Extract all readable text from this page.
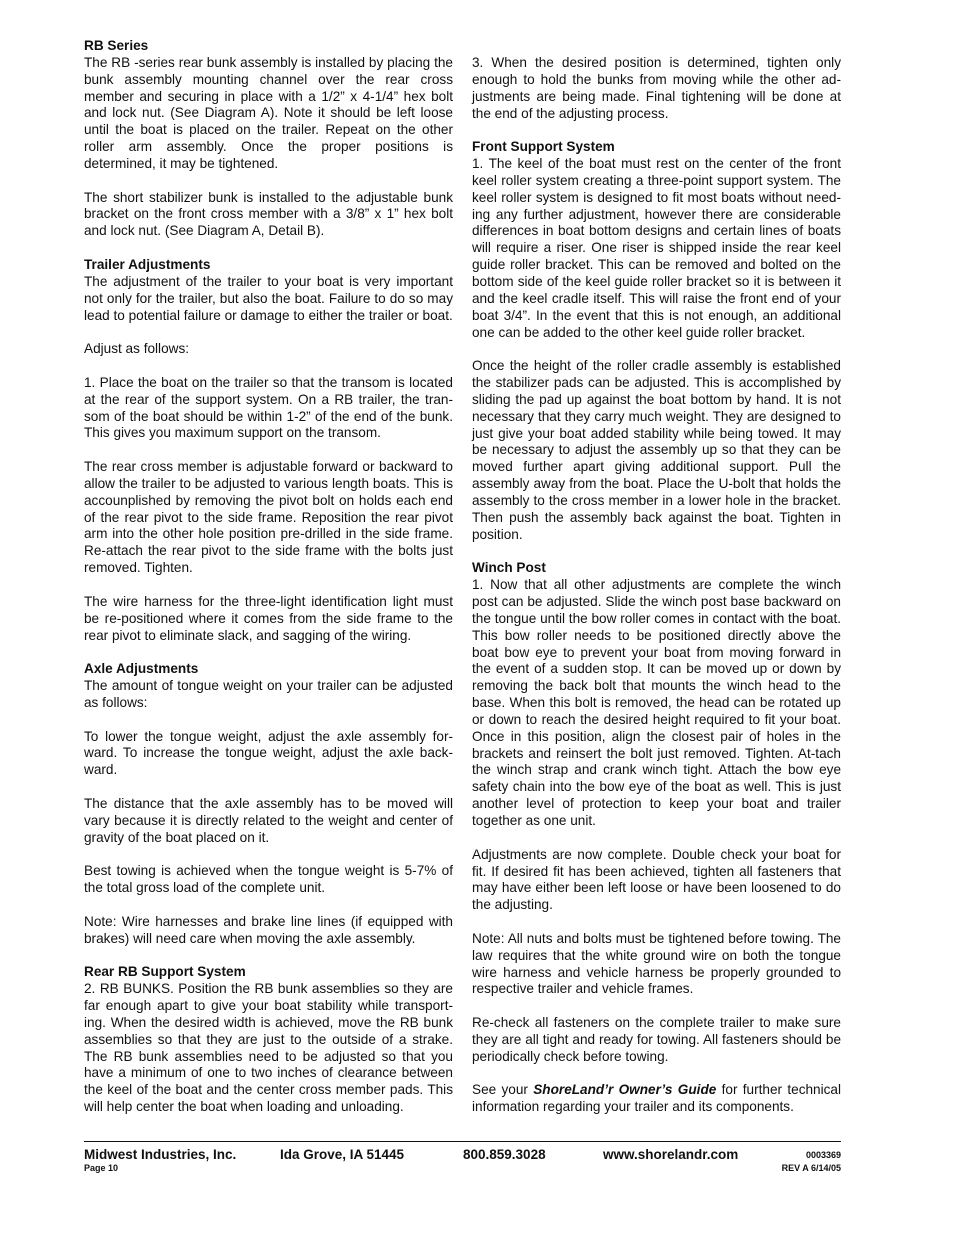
RB Series

The RB -series rear bunk assembly is installed by placing the bunk assembly mounting channel over the rear cross member and securing in place with a 1/2” x 4-1/4” hex bolt and lock nut. (See Diagram A). Note it should be left loose until the boat is placed on the trailer. Repeat on the other roller arm assembly. Once the proper positions is determined, it may be tightened.

The short stabilizer bunk is installed to the adjustable bunk bracket on the front cross member with a 3/8” x 1” hex bolt and lock nut. (See Diagram A, Detail B).

Trailer Adjustments

The adjustment of the trailer to your boat is very important not only for the trailer, but also the boat. Failure to do so may lead to potential failure or damage to either the trailer or boat.

Adjust as follows:

1. Place the boat on the trailer so that the transom is located at the rear of the support system. On a RB trailer, the tran-som of the boat should be within 1-2” of the end of the bunk. This gives you maximum support on the transom.

The rear cross member is adjustable forward or backward to allow the trailer to be adjusted to various length boats. This is accounplished by removing the pivot bolt on holds each end of the rear pivot to the side frame. Reposition the rear pivot arm into the other hole position pre-drilled in the side frame. Re-attach the rear pivot to the side frame with the bolts just removed. Tighten.

The wire harness for the three-light identification light must be re-positioned where it comes from the side frame to the rear pivot to eliminate slack, and sagging of the wiring.

Axle Adjustments

The amount of tongue weight on your trailer can be adjusted as follows:

To lower the tongue weight, adjust the axle assembly for-ward. To increase the tongue weight, adjust the axle back-ward.

The distance that the axle assembly has to be moved will vary because it is directly related to the weight and center of gravity of the boat placed on it.

Best towing is achieved when the tongue weight is 5-7% of the total gross load of the complete unit.

Note: Wire harnesses and brake line lines (if equipped with brakes) will need care when moving the axle assembly.

Rear RB Support System

2. RB BUNKS. Position the RB bunk assemblies so they are far enough apart to give your boat stability while transport-ing. When the desired width is achieved, move the RB bunk assemblies so that they are just to the outside of a strake. The RB bunk assemblies need to be adjusted so that you have a minimum of one to two inches of clearance between the keel of the boat and the center cross member pads. This will help center the boat when loading and unloading.

3. When the desired position is determined, tighten only enough to hold the bunks from moving while the other ad-justments are being made. Final tightening will be done at the end of the adjusting process.

Front Support System

1. The keel of the boat must rest on the center of the front keel roller system creating a three-point support system. The keel roller system is designed to fit most boats without need-ing any further adjustment, however there are considerable differences in boat bottom designs and certain lines of boats will require a riser. One riser is shipped inside the rear keel guide roller bracket. This can be removed and bolted on the bottom side of the keel guide roller bracket so it is between it and the keel cradle itself. This will raise the front end of your boat 3/4”. In the event that this is not enough, an additional one can be added to the other keel guide roller bracket.

Once the height of the roller cradle assembly is established the stabilizer pads can be adjusted. This is accomplished by sliding the pad up against the boat bottom by hand. It is not necessary that they carry much weight. They are designed to just give your boat added stability while being towed. It may be necessary to adjust the assembly up so that they can be moved further apart giving additional support. Pull the assembly away from the boat. Place the U-bolt that holds the assembly to the cross member in a lower hole in the bracket. Then push the assembly back against the boat. Tighten in position.

Winch Post

1. Now that all other adjustments are complete the winch post can be adjusted. Slide the winch post base backward on the tongue until the bow roller comes in contact with the boat. This bow roller needs to be positioned directly above the boat bow eye to prevent your boat from moving forward in the event of a sudden stop. It can be moved up or down by removing the back bolt that mounts the winch head to the base. When this bolt is removed, the head can be rotated up or down to reach the desired height required to fit your boat. Once in this position, align the closest pair of holes in the brackets and reinsert the bolt just removed. Tighten. At-tach the winch strap and crank winch tight. Attach the bow eye safety chain into the bow eye of the boat as well. This is just another level of protection to keep your boat and trailer together as one unit.

Adjustments are now complete. Double check your boat for fit. If desired fit has been achieved, tighten all fasteners that may have either been left loose or have been loosened to do the adjusting.

Note: All nuts and bolts must be tightened before towing. The law requires that the white ground wire on both the tongue wire harness and vehicle harness be properly grounded to respective trailer and vehicle frames.

Re-check all fasteners on the complete trailer to make sure they are all tight and ready for towing. All fasteners should be periodically check before towing.

See your ShoreLand’r Owner’s Guide for further technical information regarding your trailer and its components.

Midwest Industries, Inc.	Ida Grove, IA 51445	800.859.3028	www.shorelandr.com	0003369
Page 10	REV A 6/14/05
